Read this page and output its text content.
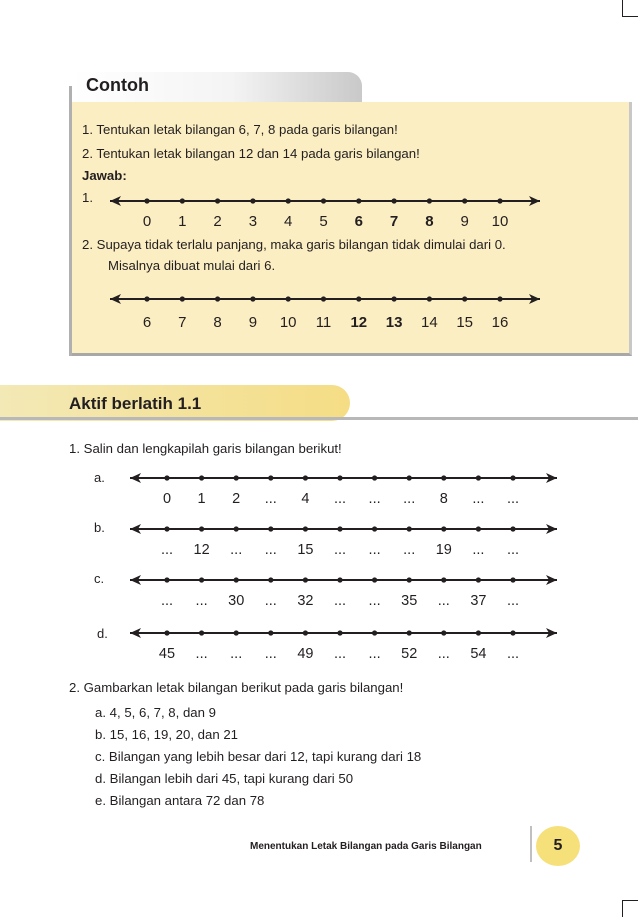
Contoh
1. Tentukan letak bilangan 6, 7, 8 pada garis bilangan!
2. Tentukan letak bilangan 12 dan 14 pada garis bilangan!
Jawab:
1.
0 1 2 3 4 5 6 7 8 9 10
2. Supaya tidak terlalu panjang, maka garis bilangan tidak dimulai dari 0.
Misalnya dibuat mulai dari 6.
6 7 8 9 10 11 12 13 14 15 16
Aktif berlatih 1.1
1. Salin dan lengkapilah garis bilangan berikut!
a.
0 1 2 ... 4 ... ... ... 8 ... ...
b.
... 12 ... ... 15 ... ... ... 19 ... ...
c.
... ... 30 ... 32 ... ... 35 ... 37 ...
d.
45 ... ... ... 49 ... ... 52 ... 54 ...
2. Gambarkan letak bilangan berikut pada garis bilangan!
a. 4, 5, 6, 7, 8, dan 9
b. 15, 16, 19, 20, dan 21
c. Bilangan yang lebih besar dari 12, tapi kurang dari 18
d. Bilangan lebih dari 45, tapi kurang dari 50
e. Bilangan antara 72 dan 78
Menentukan Letak Bilangan pada Garis Bilangan	5
